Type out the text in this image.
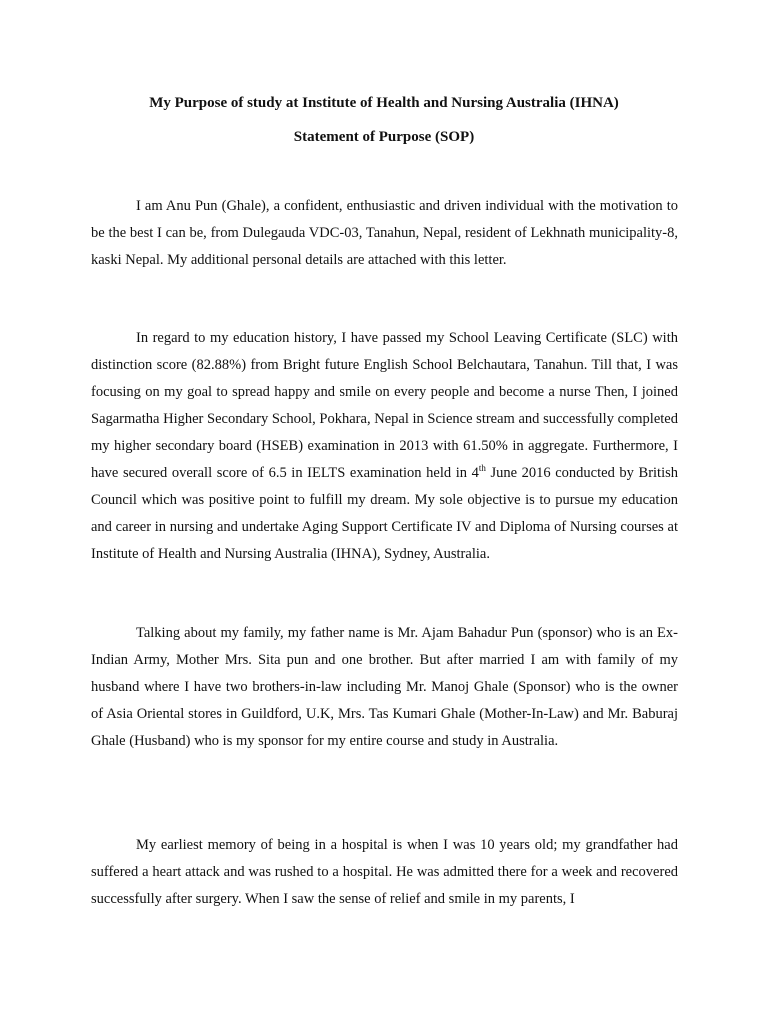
My Purpose of study at Institute of Health and Nursing Australia (IHNA)
Statement of Purpose (SOP)

I am Anu Pun (Ghale), a confident, enthusiastic and driven individual with the motivation to be the best I can be, from Dulegauda VDC-03, Tanahun, Nepal, resident of Lekhnath municipality-8, kaski Nepal. My additional personal details are attached with this letter.

In regard to my education history, I have passed my School Leaving Certificate (SLC) with distinction score (82.88%) from Bright future English School Belchautara, Tanahun. Till that, I was focusing on my goal to spread happy and smile on every people and become a nurse Then, I joined Sagarmatha Higher Secondary School, Pokhara, Nepal in Science stream and successfully completed my higher secondary board (HSEB) examination in 2013 with 61.50% in aggregate. Furthermore, I have secured overall score of 6.5 in IELTS examination held in 4th June 2016 conducted by British Council which was positive point to fulfill my dream. My sole objective is to pursue my education and career in nursing and undertake Aging Support Certificate IV and Diploma of Nursing courses at Institute of Health and Nursing Australia (IHNA), Sydney, Australia.

Talking about my family, my father name is Mr. Ajam Bahadur Pun (sponsor) who is an Ex-Indian Army, Mother Mrs. Sita pun and one brother. But after married I am with family of my husband where I have two brothers-in-law including Mr. Manoj Ghale (Sponsor) who is the owner of Asia Oriental stores in Guildford, U.K, Mrs. Tas Kumari Ghale (Mother-In-Law) and Mr. Baburaj Ghale (Husband) who is my sponsor for my entire course and study in Australia.

My earliest memory of being in a hospital is when I was 10 years old; my grandfather had suffered a heart attack and was rushed to a hospital. He was admitted there for a week and recovered successfully after surgery. When I saw the sense of relief and smile in my parents, I
